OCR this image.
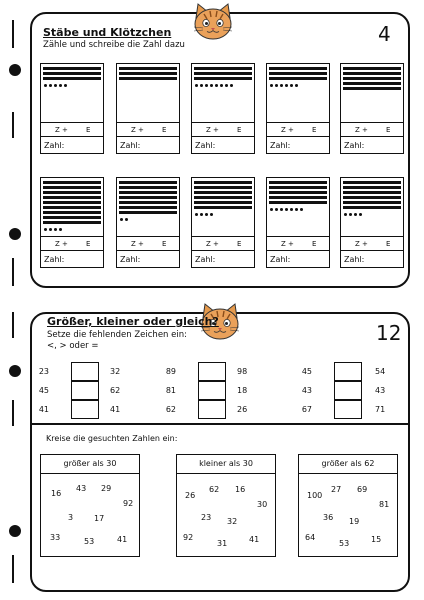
Stäbe und Klötzchen
Zähle und schreibe die Zahl dazu	4
Z +	E
Zahl:
Z +	E
Zahl:
Z +	E
Zahl:
Z +	E
Zahl:
Z +	E
Zahl:
Z +	E
Zahl:
Z +	E
Zahl:
Z +	E
Zahl:
Z +	E
Zahl:
Z +	E
Zahl:
Größer, kleiner oder gleich?
Setze die fehlenden Zeichen ein:
<, > oder =
12
23	32
45	62
41	41
89	98
81	18
62	26
45	54
43	43
67	71
Kreise die gesuchten Zahlen ein:
größer als 30
16
43 29
92
3	17
33	53	41
kleiner als 30
26
62 16
30
23 32
92
31	41
größer als 62
100
27 69
81
36 19
64
53	15
